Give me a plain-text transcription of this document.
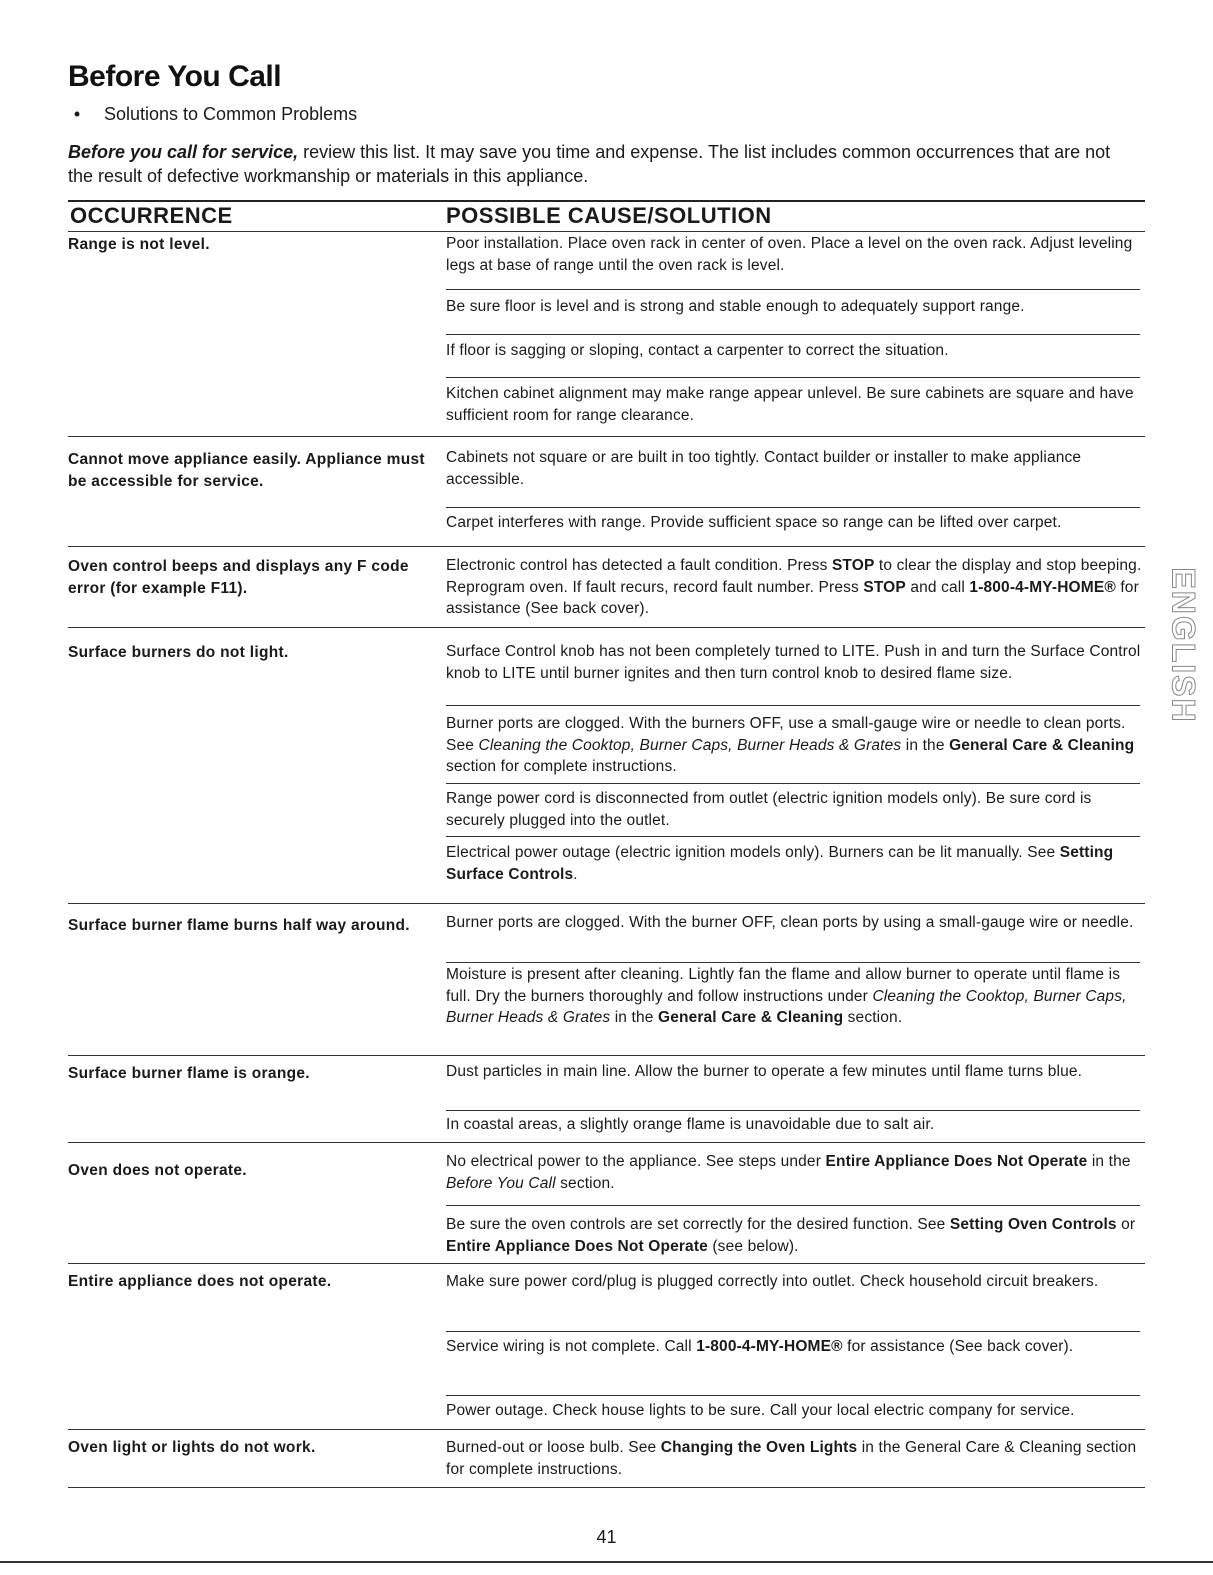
Before You Call
• Solutions to Common Problems
Before you call for service, review this list. It may save you time and expense. The list includes common occurrences that are not the result of defective workmanship or materials in this appliance.
OCCURRENCE	POSSIBLE CAUSE/SOLUTION
Range is not level.
Cannot move appliance easily. Appliance must be accessible for service.
Oven control beeps and displays any F code error (for example F11).
Surface burners do not light.
Surface burner flame burns half way around.
Surface burner flame is orange.
Oven does not operate.
Entire appliance does not operate.
Oven light or lights do not work.
Poor installation. Place oven rack in center of oven. Place a level on the oven rack. Adjust leveling legs at base of range until the oven rack is level.
Be sure floor is level and is strong and stable enough to adequately support range.
If floor is sagging or sloping, contact a carpenter to correct the situation.
Kitchen cabinet alignment may make range appear unlevel. Be sure cabinets are square and have sufficient room for range clearance.
Cabinets not square or are built in too tightly. Contact builder or installer to make appliance accessible.
Carpet interferes with range. Provide sufficient space so range can be lifted over carpet.
Electronic control has detected a fault condition. Press STOP to clear the display and stop beeping. Reprogram oven. If fault recurs, record fault number. Press STOP and call 1-800-4-MY-HOME® for assistance (See back cover).
Surface Control knob has not been completely turned to LITE. Push in and turn the Surface Control knob to LITE until burner ignites and then turn control knob to desired flame size.
Burner ports are clogged. With the burners OFF, use a small-gauge wire or needle to clean ports. See Cleaning the Cooktop, Burner Caps, Burner Heads & Grates in the General Care & Cleaning section for complete instructions.
Range power cord is disconnected from outlet (electric ignition models only). Be sure cord is securely plugged into the outlet.
Electrical power outage (electric ignition models only). Burners can be lit manually. See Setting Surface Controls.
Burner ports are clogged. With the burner OFF, clean ports by using a small-gauge wire or needle.
Moisture is present after cleaning. Lightly fan the flame and allow burner to operate until flame is full. Dry the burners thoroughly and follow instructions under Cleaning the Cooktop, Burner Caps, Burner Heads & Grates in the General Care & Cleaning section.
Dust particles in main line. Allow the burner to operate a few minutes until flame turns blue.
In coastal areas, a slightly orange flame is unavoidable due to salt air.
No electrical power to the appliance. See steps under Entire Appliance Does Not Operate in the Before You Call section.
Be sure the oven controls are set correctly for the desired function. See Setting Oven Controls or Entire Appliance Does Not Operate (see below).
Make sure power cord/plug is plugged correctly into outlet. Check household circuit breakers.
Service wiring is not complete. Call 1-800-4-MY-HOME® for assistance (See back cover).
Power outage. Check house lights to be sure. Call your local electric company for service.
Burned-out or loose bulb. See Changing the Oven Lights in the General Care & Cleaning section for complete instructions.
ENGLISH
41
